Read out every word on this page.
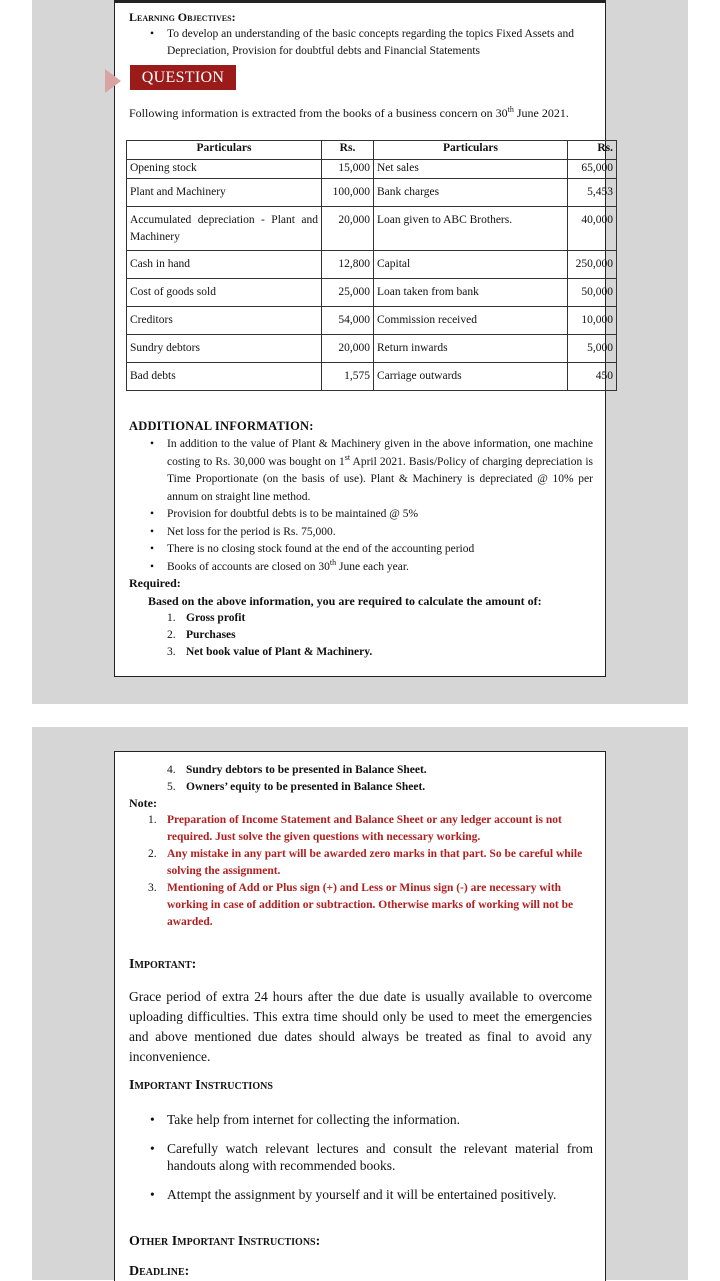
Learning Objectives:
• To develop an understanding of the basic concepts regarding the topics Fixed Assets and Depreciation, Provision for doubtful debts and Financial Statements
QUESTION
Following information is extracted from the books of a business concern on 30th June 2021.
Particulars	Rs.	Particulars	Rs.
Opening stock	15,000	Net sales	65,000
Plant and Machinery	100,000	Bank charges	5,453
Accumulated depreciation - Plant and Machinery	20,000	Loan given to ABC Brothers.	40,000
Cash in hand	12,800	Capital	250,000
Cost of goods sold	25,000	Loan taken from bank	50,000
Creditors	54,000	Commission received	10,000
Sundry debtors	20,000	Return inwards	5,000
Bad debts	1,575	Carriage outwards	450
ADDITIONAL INFORMATION:
• In addition to the value of Plant & Machinery given in the above information, one machine costing to Rs. 30,000 was bought on 1st April 2021. Basis/Policy of charging depreciation is Time Proportionate (on the basis of use). Plant & Machinery is depreciated @ 10% per annum on straight line method.
• Provision for doubtful debts is to be maintained @ 5%
• Net loss for the period is Rs. 75,000.
• There is no closing stock found at the end of the accounting period
• Books of accounts are closed on 30th June each year.
Required:
Based on the above information, you are required to calculate the amount of:
1. Gross profit
2. Purchases
3. Net book value of Plant & Machinery.
4. Sundry debtors to be presented in Balance Sheet.
5. Owners’ equity to be presented in Balance Sheet.
Note:
1. Preparation of Income Statement and Balance Sheet or any ledger account is not required. Just solve the given questions with necessary working.
2. Any mistake in any part will be awarded zero marks in that part. So be careful while solving the assignment.
3. Mentioning of Add or Plus sign (+) and Less or Minus sign (-) are necessary with working in case of addition or subtraction. Otherwise marks of working will not be awarded.
Important:
Grace period of extra 24 hours after the due date is usually available to overcome uploading difficulties. This extra time should only be used to meet the emergencies and above mentioned due dates should always be treated as final to avoid any inconvenience.
Important Instructions
• Take help from internet for collecting the information.
• Carefully watch relevant lectures and consult the relevant material from handouts along with recommended books.
• Attempt the assignment by yourself and it will be entertained positively.
Other Important Instructions:
Deadline:
